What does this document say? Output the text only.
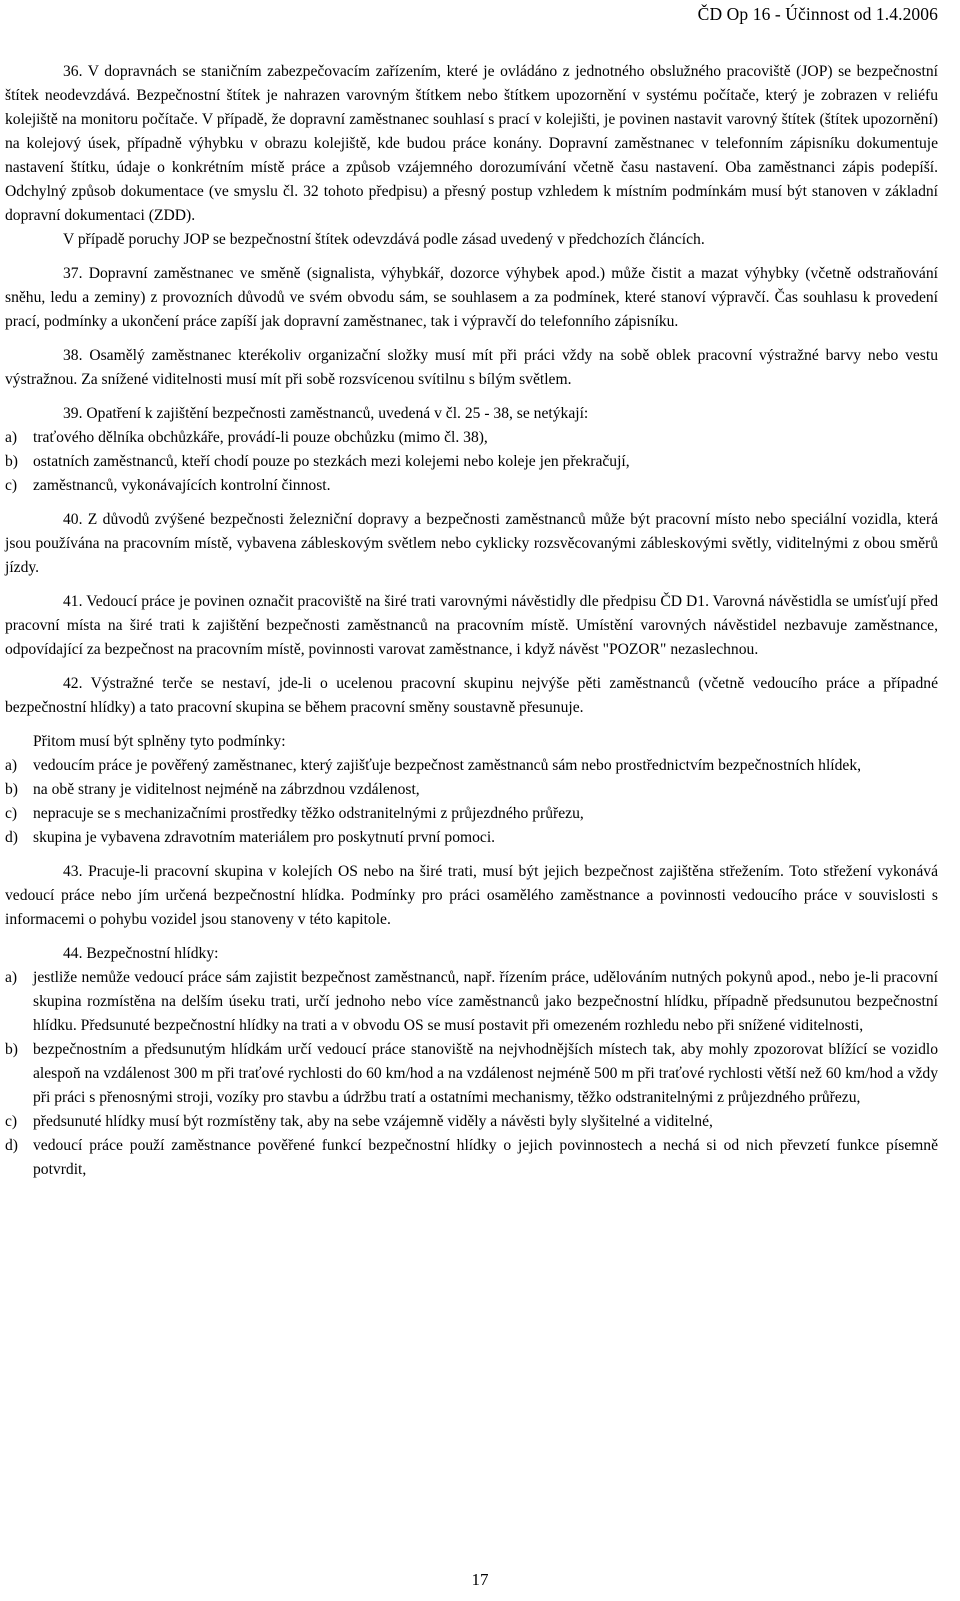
ČD Op 16 - Účinnost od 1.4.2006

36. V dopravnách se staničním zabezpečovacím zařízením, které je ovládáno z jednotného obslužného pracoviště (JOP) se bezpečnostní štítek neodevzdává. Bezpečnostní štítek je nahrazen varovným štítkem nebo štítkem upozornění v systému počítače, který je zobrazen v reliéfu kolejiště na monitoru počítače. V případě, že dopravní zaměstnanec souhlasí s prací v kolejišti, je povinen nastavit varovný štítek (štítek upozornění) na kolejový úsek, případně výhybku v obrazu kolejiště, kde budou práce konány. Dopravní zaměstnanec v telefonním zápisníku dokumentuje nastavení štítku, údaje o konkrétním místě práce a způsob vzájemného dorozumívání včetně času nastavení. Oba zaměstnanci zápis podepíší. Odchylný způsob dokumentace (ve smyslu čl. 32 tohoto předpisu) a přesný postup vzhledem k místním podmínkám musí být stanoven v základní dopravní dokumentaci (ZDD).

V případě poruchy JOP se bezpečnostní štítek odevzdává podle zásad uvedený v předchozích článcích.

37. Dopravní zaměstnanec ve směně (signalista, výhybkář, dozorce výhybek apod.) může čistit a mazat výhybky (včetně odstraňování sněhu, ledu a zeminy) z provozních důvodů ve svém obvodu sám, se souhlasem a za podmínek, které stanoví výpravčí. Čas souhlasu k provedení prací, podmínky a ukončení práce zapíší jak dopravní zaměstnanec, tak i výpravčí do telefonního zápisníku.

38. Osamělý zaměstnanec kterékoliv organizační složky musí mít při práci vždy na sobě oblek pracovní výstražné barvy nebo vestu výstražnou. Za snížené viditelnosti musí mít při sobě rozsvícenou svítilnu s bílým světlem.

39. Opatření k zajištění bezpečnosti zaměstnanců, uvedená v čl. 25 - 38, se netýkají:

a)	traťového dělníka obchůzkáře, provádí-li pouze obchůzku (mimo čl. 38),
b) ostatních zaměstnanců, kteří chodí pouze po stezkách mezi kolejemi nebo koleje jen překračují,
c)	zaměstnanců, vykonávajících kontrolní činnost.

40. Z důvodů zvýšené bezpečnosti železniční dopravy a bezpečnosti zaměstnanců může být pracovní místo nebo speciální vozidla, která jsou používána na pracovním místě, vybavena zábleskovým světlem nebo cyklicky rozsvěcovanými zábleskovými světly, viditelnými z obou směrů jízdy.

41. Vedoucí práce je povinen označit pracoviště na širé trati varovnými návěstidly dle předpisu ČD D1. Varovná návěstidla se umísťují před pracovní místa na širé trati k zajištění bezpečnosti zaměstnanců na pracovním místě. Umístění varovných návěstidel nezbavuje zaměstnance, odpovídající za bezpečnost na pracovním místě, povinnosti varovat zaměstnance, i když návěst "POZOR" nezaslechnou.

42. Výstražné terče se nestaví, jde-li o ucelenou pracovní skupinu nejvýše pěti zaměstnanců (včetně vedoucího práce a případné bezpečnostní hlídky) a tato pracovní skupina se během pracovní směny soustavně přesunuje.

Přitom musí být splněny tyto podmínky:

a)	vedoucím práce je pověřený zaměstnanec, který zajišťuje bezpečnost zaměstnanců sám nebo prostřednictvím bezpečnostních hlídek,
b) na obě strany je viditelnost nejméně na zábrzdnou vzdálenost,
c)	nepracuje se s mechanizačními prostředky těžko odstranitelnými z průjezdného průřezu,
d) skupina je vybavena zdravotním materiálem pro poskytnutí první pomoci.

43. Pracuje-li pracovní skupina v kolejích OS nebo na širé trati, musí být jejich bezpečnost zajištěna střežením. Toto střežení vykonává vedoucí práce nebo jím určená bezpečnostní hlídka. Podmínky pro práci osamělého zaměstnance a povinnosti vedoucího práce v souvislosti s informacemi o pohybu vozidel jsou stanoveny v této kapitole.

44. Bezpečnostní hlídky:

a)	jestliže nemůže vedoucí práce sám zajistit bezpečnost zaměstnanců, např. řízením práce, udělováním nutných pokynů apod., nebo je-li pracovní skupina rozmístěna na delším úseku trati, určí jednoho nebo více zaměstnanců jako bezpečnostní hlídku, případně předsunutou bezpečnostní hlídku. Předsunuté bezpečnostní hlídky na trati a v obvodu OS se musí postavit při omezeném rozhledu nebo při snížené viditelnosti,
b) bezpečnostním a předsunutým hlídkám určí vedoucí práce stanoviště na nejvhodnějších místech tak, aby mohly zpozorovat blížící se vozidlo alespoň na vzdálenost 300 m při traťové rychlosti do 60 km/hod a na vzdálenost nejméně 500 m při traťové rychlosti větší než 60 km/hod a vždy při práci s přenosnými stroji, vozíky pro stavbu a údržbu tratí a ostatními mechanismy, těžko odstranitelnými z průjezdného průřezu,
c)	předsunuté hlídky musí být rozmístěny tak, aby na sebe vzájemně viděly a návěsti byly slyšitelné a viditelné,
d) vedoucí práce použí zaměstnance pověřené funkcí bezpečnostní hlídky o jejich povinnostech a nechá si od nich převzetí funkce písemně potvrdit,
17
